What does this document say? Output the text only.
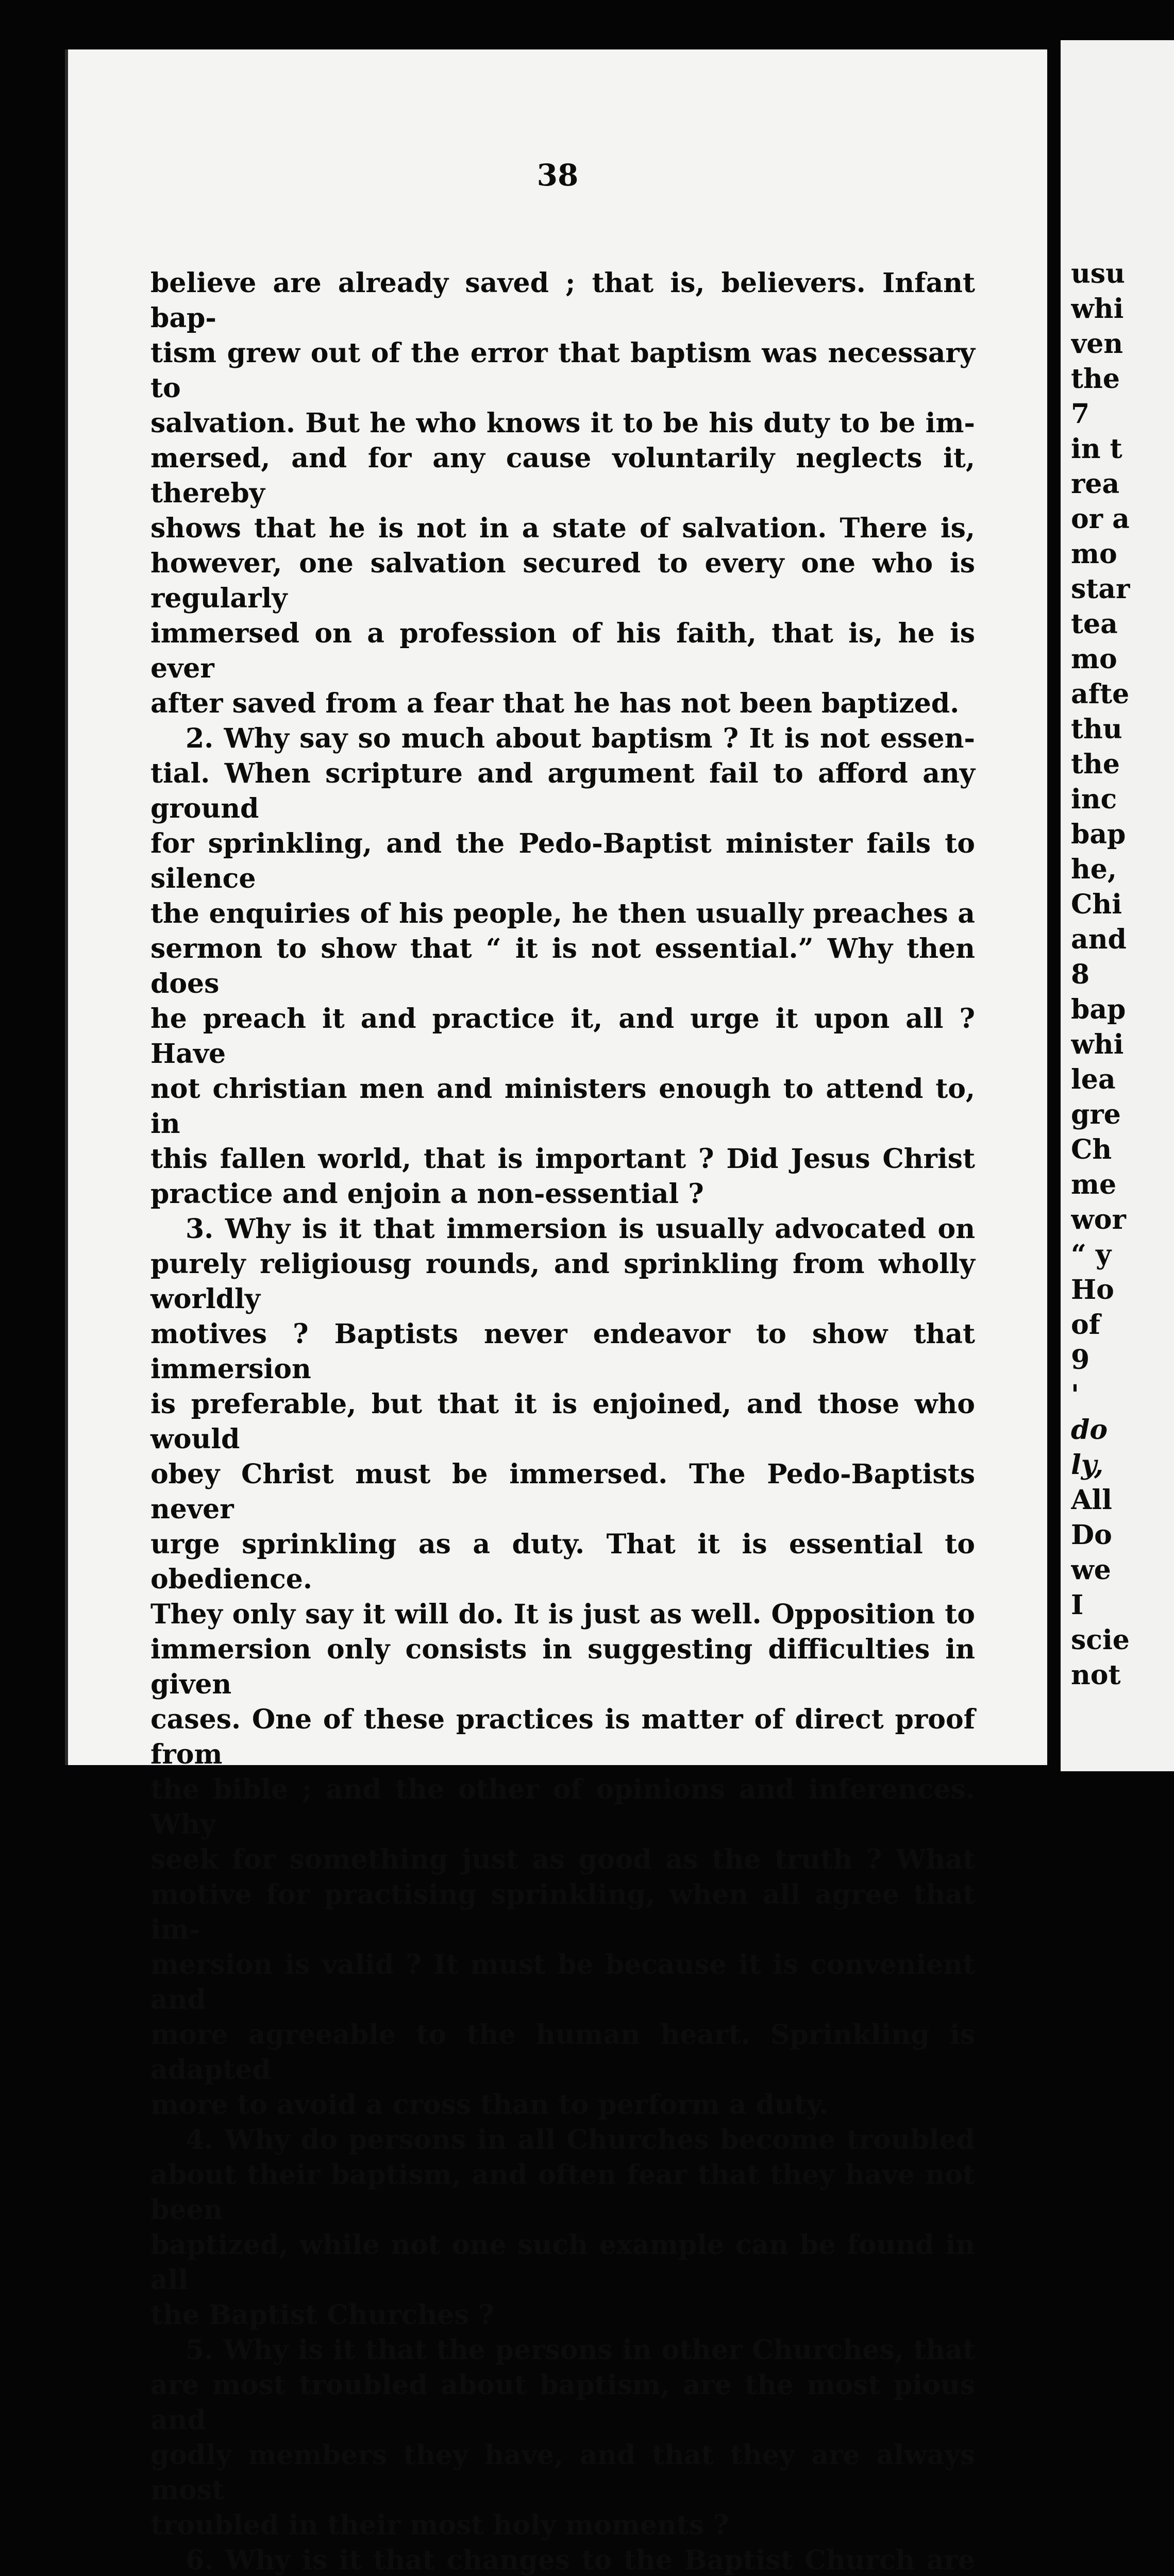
38
believe are already saved ; that is, believers. Infant bap-
tism grew out of the error that baptism was necessary to
salvation. But he who knows it to be his duty to be im-
mersed, and for any cause voluntarily neglects it, thereby
shows that he is not in a state of salvation. There is,
however, one salvation secured to every one who is regularly
immersed on a profession of his faith, that is, he is ever
after saved from a fear that he has not been baptized.
2. Why say so much about baptism ? It is not essen-
tial. When scripture and argument fail to afford any ground
for sprinkling, and the Pedo-Baptist minister fails to silence
the enquiries of his people, he then usually preaches a
sermon to show that “ it is not essential.” Why then does
he preach it and practice it, and urge it upon all ? Have
not christian men and ministers enough to attend to, in
this fallen world, that is important ? Did Jesus Christ
practice and enjoin a non-essential ?
3. Why is it that immersion is usually advocated on
purely religiousg rounds, and sprinkling from wholly worldly
motives ? Baptists never endeavor to show that immersion
is preferable, but that it is enjoined, and those who would
obey Christ must be immersed. The Pedo-Baptists never
urge sprinkling as a duty. That it is essential to obedience.
They only say it will do. It is just as well. Opposition to
immersion only consists in suggesting difficulties in given
cases. One of these practices is matter of direct proof from
the bible ; and the other of opinions and inferences. Why
seek for something just as good as the truth ? What
motive for practising sprinkling, when all agree that im-
mersion is valid ? It must be because it is convenient and
more agreeable to the human heart. Sprinkling is adapted
more to avoid a cross than to perform a duty.
4. Why do persons in all Churches become troubled
about their baptism, and often fear that they have not been
baptized, while not one such example can be found in all
the Baptist Churches ?
5. Why is it that the persons in other Churches, that
are most troubled about baptism, are the most pious and
godly members they have, and that they are always most
troubled in their most holy moments ?
6. Why is it that changes to the Baptist Church are
usu
whi
ven
the
7
in t
rea
or a
mo
star
tea
mo
afte
thu
the
inc
bap
he,
Chi
and
8
bap
whi
lea
gre
Ch
me
wor
“ y
Ho
of
9
'
do
ly,
All
Do
we
I
scie
not
